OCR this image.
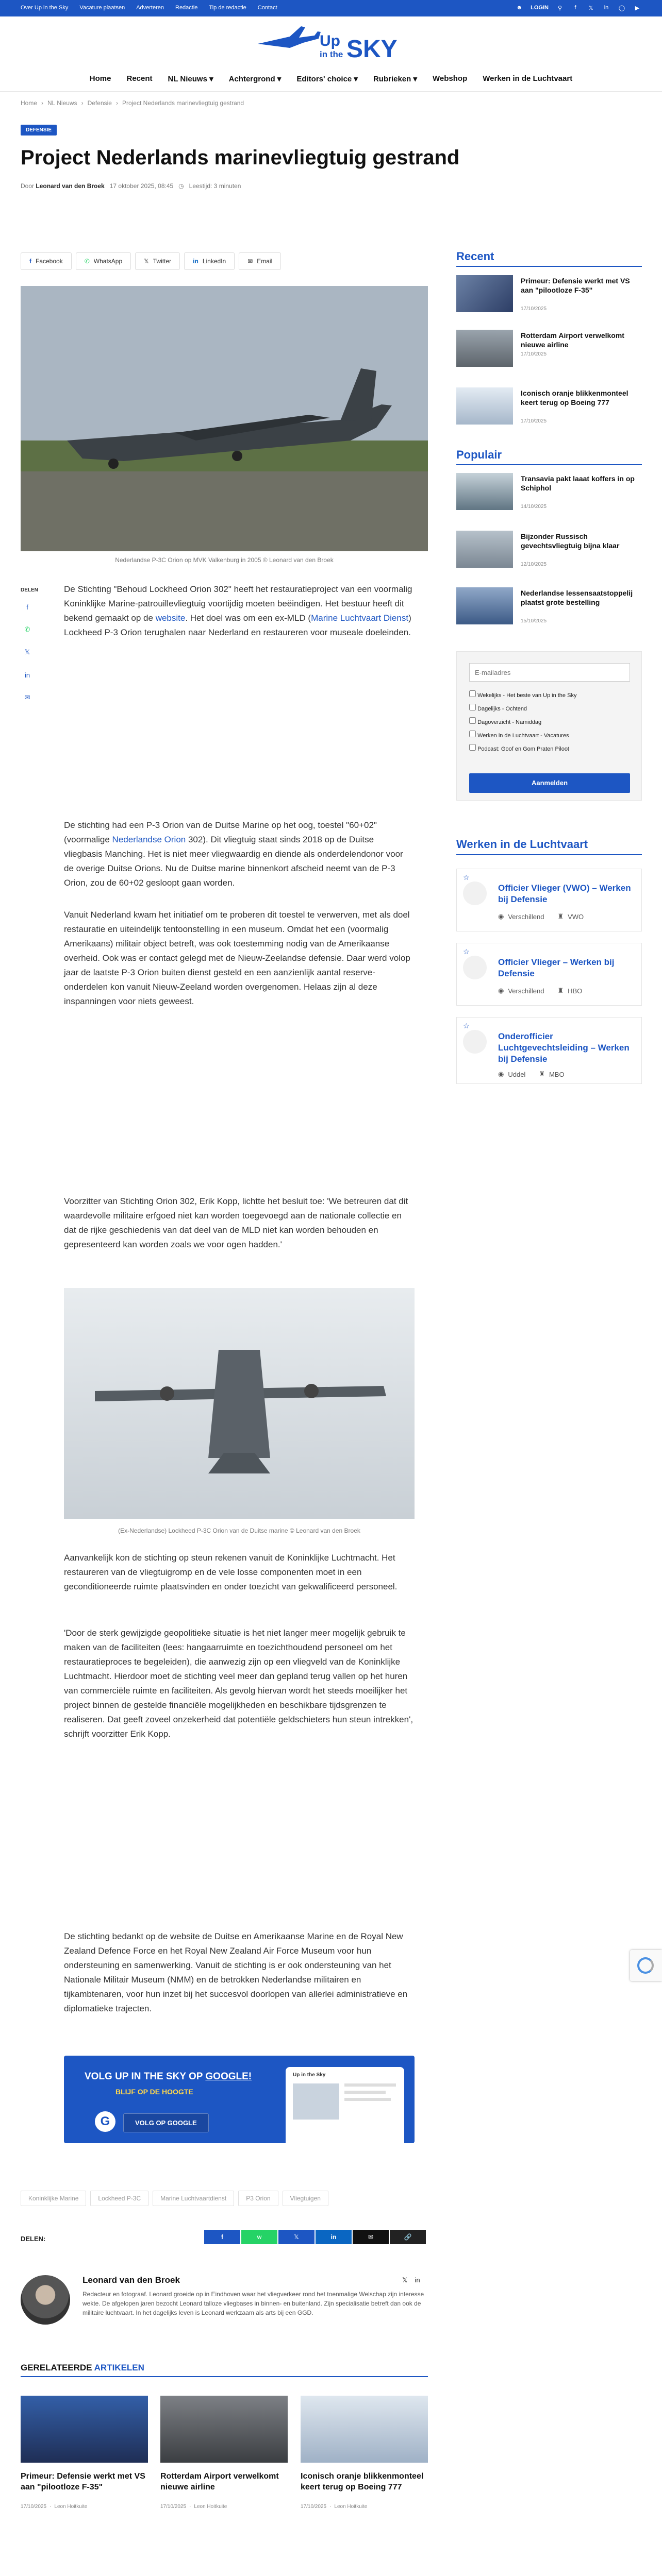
Over Up in the Sky Vacature plaatsen Adverteren Redactie Tip de redactie Contact	☻ LOGIN	⚲	f	𝕏	in	◯	▶
Up
in the SKY
Home Recent NL Nieuws ▾ Achtergrond ▾ Editors' choice ▾ Rubrieken ▾ Webshop Werken in de Luchtvaart
Home › NL Nieuws › Defensie › Project Nederlands marinevliegtuig gestrand
DEFENSIE
Project Nederlands marinevliegtuig gestrand
Door Leonard van den Broek 17 oktober 2025, 08:45 ◷ Leestijd: 3 minuten
f Facebook	✆ WhatsApp	𝕏 Twitter	in LinkedIn	✉ Email
Nederlandse P-3C Orion op MVK Valkenburg in 2005 © Leonard van den Broek
DELEN
f
✆
𝕏
in
✉

De Stichting "Behoud Lockheed Orion 302" heeft het restauratieproject van een voormalig Koninklijke Marine-patrouillevliegtuig voortijdig moeten beëindigen. Het bestuur heeft dit bekend gemaakt op de website. Het doel was om een ex-MLD (Marine Luchtvaart Dienst) Lockheed P-3 Orion terughalen naar Nederland en restaureren voor museale doeleinden.

De stichting had een P-3 Orion van de Duitse Marine op het oog, toestel "60+02" (voormalige Nederlandse Orion 302). Dit vliegtuig staat sinds 2018 op de Duitse vliegbasis Manching. Het is niet meer vliegwaardig en diende als onderdelendonor voor de overige Duitse Orions. Nu de Duitse marine binnenkort afscheid neemt van de P-3 Orion, zou de 60+02 gesloopt gaan worden.

Vanuit Nederland kwam het initiatief om te proberen dit toestel te verwerven, met als doel restauratie en uiteindelijk tentoonstelling in een museum. Omdat het een (voormalig Amerikaans) militair object betreft, was ook toestemming nodig van de Amerikaanse overheid. Ook was er contact gelegd met de Nieuw-Zeelandse defensie. Daar werd volop jaar de laatste P-3 Orion buiten dienst gesteld en een aanzienlijk aantal reserve-onderdelen kon vanuit Nieuw-Zeeland worden overgenomen. Helaas zijn al deze inspanningen voor niets geweest.

Voorzitter van Stichting Orion 302, Erik Kopp, lichtte het besluit toe: 'We betreuren dat dit waardevolle militaire erfgoed niet kan worden toegevoegd aan de nationale collectie en dat de rijke geschiedenis van dat deel van de MLD niet kan worden behouden en gepresenteerd kan worden zoals we voor ogen hadden.'

(Ex-Nederlandse) Lockheed P-3C Orion van de Duitse marine © Leonard van den Broek

Aanvankelijk kon de stichting op steun rekenen vanuit de Koninklijke Luchtmacht. Het restaureren van de vliegtuigromp en de vele losse componenten moet in een geconditioneerde ruimte plaatsvinden en onder toezicht van gekwalificeerd personeel.

'Door de sterk gewijzigde geopolitieke situatie is het niet langer meer mogelijk gebruik te maken van de faciliteiten (lees: hangaarruimte en toezichthoudend personeel om het restauratieproces te begeleiden), die aanwezig zijn op een vliegveld van de Koninklijke Luchtmacht. Hierdoor moet de stichting veel meer dan gepland terug vallen op het huren van commerciële ruimte en faciliteiten. Als gevolg hiervan wordt het steeds moeilijker het project binnen de gestelde financiële mogelijkheden en beschikbare tijdsgrenzen te realiseren. Dat geeft zoveel onzekerheid dat potentiële geldschieters hun steun intrekken', schrijft voorzitter Erik Kopp.

De stichting bedankt op de website de Duitse en Amerikaanse Marine en de Royal New Zealand Defence Force en het Royal New Zealand Air Force Museum voor hun ondersteuning en samenwerking. Vanuit de stichting is er ook ondersteuning van het Nationale Militair Museum (NMM) en de betrokken Nederlandse militairen en tijkambtenaren, voor hun inzet bij het succesvol doorlopen van allerlei administratieve en diplomatieke trajecten.

VOLG UP IN THE SKY OP GOOGLE!
BLIJF OP DE HOOGTE
G	VOLG OP GOOGLE
Up in the Sky
Koninklijke Marine	Lockheed P-3C	Marine Luchtvaartdienst	P3 Orion	Vliegtuigen
DELEN:	f	w	𝕏	in	✉	🔗
Leonard van den Broek	𝕏 in
Redacteur en fotograaf. Leonard groeide op in Eindhoven waar het vliegverkeer rond het toenmalige Welschap zijn interesse wekte. De afgelopen jaren bezocht Leonard talloze vliegbases in binnen- en buitenland. Zijn specialisatie betreft dan ook de militaire luchtvaart. In het dagelijks leven is Leonard werkzaam als arts bij een GGD.
GERELATEERDE ARTIKELEN
Primeur: Defensie werkt met VS aan "pilootloze F-35"
17/10/2025 · Leon Hoitkuite
Rotterdam Airport verwelkomt nieuwe airline
17/10/2025 · Leon Hoitkuite
Iconisch oranje blikkenmonteel keert terug op Boeing 777
17/10/2025 · Leon Hoitkuite
Recent
Primeur: Defensie werkt met VS aan "pilootloze F-35"
17/10/2025
Rotterdam Airport verwelkomt nieuwe airline
17/10/2025
Iconisch oranje blikkenmonteel keert terug op Boeing 777
17/10/2025
Populair
Transavia pakt laaat koffers in op Schiphol
14/10/2025
Bijzonder Russisch gevechtsvliegtuig bijna klaar
12/10/2025
Nederlandse lessensaatstoppelij plaatst grote bestelling
15/10/2025
E-mailadres
Wekelijks - Het beste van Up in the Sky
Dagelijks - Ochtend
Dagoverzicht - Namiddag
Werken in de Luchtvaart - Vacatures
Podcast: Goof en Gom Praten Piloot
Aanmelden
Werken in de Luchtvaart
☆
Officier Vlieger (VWO) – Werken bij Defensie
◉ Verschillend ♜ VWO
☆
Officier Vlieger – Werken bij Defensie
◉ Verschillend ♜ HBO
☆
Onderofficier Luchtgevechtsleiding – Werken bij Defensie
◉ Uddel ♜ MBO
